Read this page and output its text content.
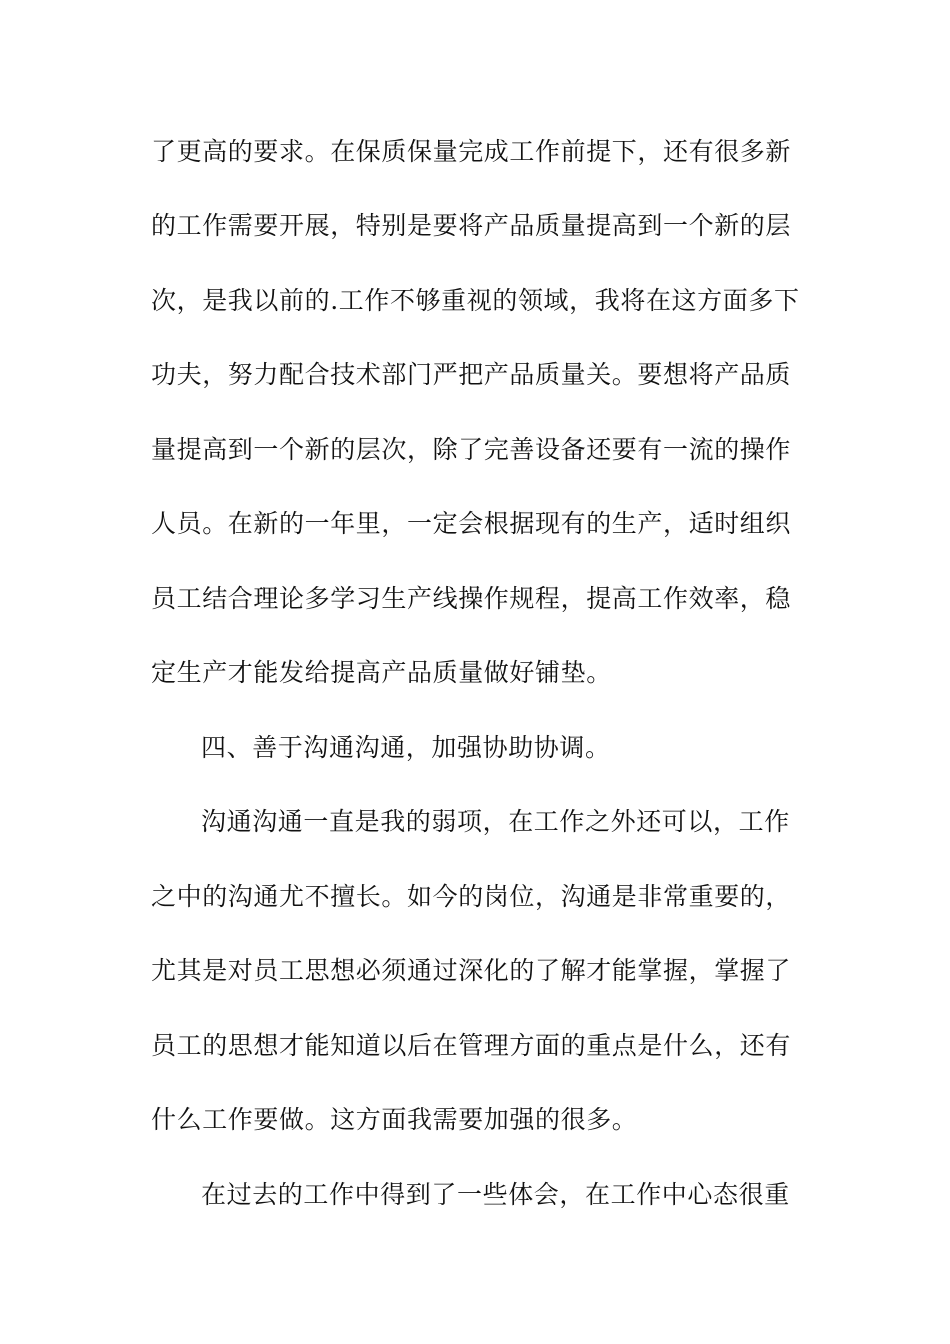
了更高的要求。在保质保量完成工作前提下，还有很多新
的工作需要开展，特别是要将产品质量提高到一个新的层
次，是我以前的.工作不够重视的领域，我将在这方面多下
功夫，努力配合技术部门严把产品质量关。要想将产品质
量提高到一个新的层次，除了完善设备还要有一流的操作
人员。在新的一年里，一定会根据现有的生产，适时组织
员工结合理论多学习生产线操作规程，提高工作效率，稳
定生产才能发给提高产品质量做好铺垫。
四、善于沟通沟通，加强协助协调。
沟通沟通一直是我的弱项，在工作之外还可以，工作
之中的沟通尤不擅长。如今的岗位，沟通是非常重要的，
尤其是对员工思想必须通过深化的了解才能掌握，掌握了
员工的思想才能知道以后在管理方面的重点是什么，还有
什么工作要做。这方面我需要加强的很多。
在过去的工作中得到了一些体会，在工作中心态很重
